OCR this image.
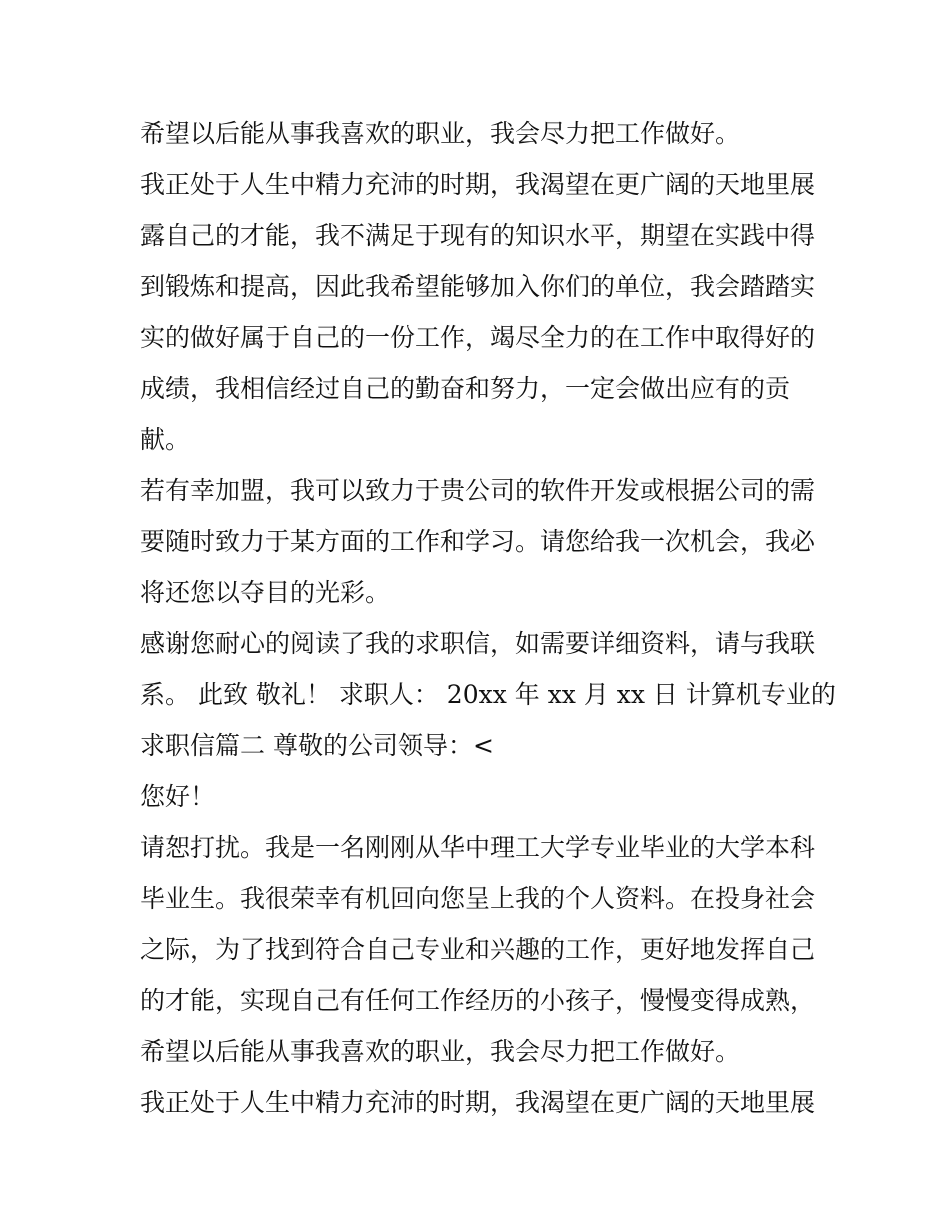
希望以后能从事我喜欢的职业，我会尽力把工作做好。
我正处于人生中精力充沛的时期，我渴望在更广阔的天地里展
露自己的才能，我不满足于现有的知识水平，期望在实践中得
到锻炼和提高，因此我希望能够加入你们的单位，我会踏踏实
实的做好属于自己的一份工作，竭尽全力的在工作中取得好的
成绩，我相信经过自己的勤奋和努力，一定会做出应有的贡
献。
若有幸加盟，我可以致力于贵公司的软件开发或根据公司的需
要随时致力于某方面的工作和学习。请您给我一次机会，我必
将还您以夺目的光彩。
感谢您耐心的阅读了我的求职信，如需要详细资料，请与我联
系。 此致 敬礼！ 求职人： 20xx 年 xx 月 xx 日 计算机专业的
求职信篇二 尊敬的公司领导：<
您好！
请恕打扰。我是一名刚刚从华中理工大学专业毕业的大学本科
毕业生。我很荣幸有机回向您呈上我的个人资料。在投身社会
之际，为了找到符合自己专业和兴趣的工作，更好地发挥自己
的才能，实现自己有任何工作经历的小孩子，慢慢变得成熟，
希望以后能从事我喜欢的职业，我会尽力把工作做好。
我正处于人生中精力充沛的时期，我渴望在更广阔的天地里展
